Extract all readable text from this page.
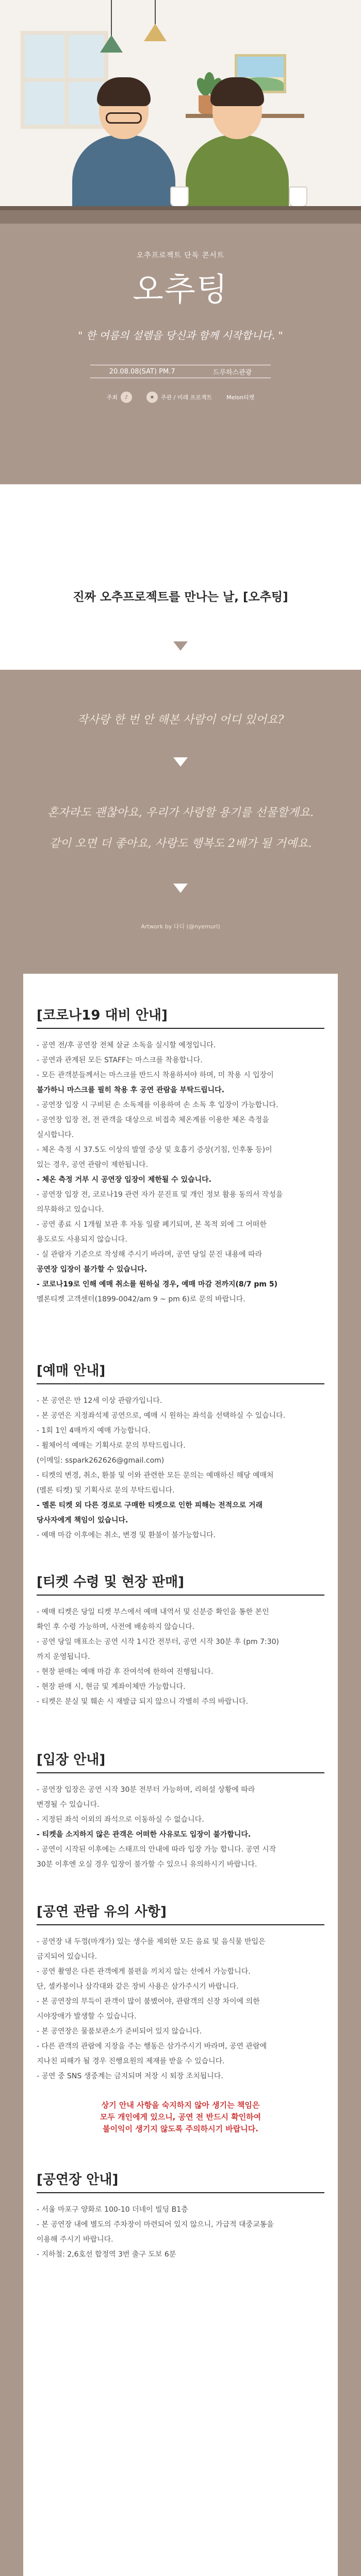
오추프로젝트 단독 콘서트
오추팅
" 한 여름의 설렘을 당신과 함께 시작합니다. "
20.08.08(SAT) PM.7	드루하스관광
주최	♪	★	주관 / 미래 프로젝트	Melon티켓
진짜 오추프로젝트를 만나는 날, [오추팅]
작사랑 한 번 안 해본 사람이 어디 있어요?
혼자라도 괜찮아요, 우리가 사랑할 용기를 선물할게요.
같이 오면 더 좋아요, 사랑도 행복도 2배가 될 거예요.
Artwork by 다디 (@nyemurl)
[코로나19 대비 안내]
- 공연 전/후 공연장 전체 살균 소독을 실시할 예정입니다.
- 공연과 관계된 모든 STAFF는 마스크를 착용합니다.
- 모든 관객분들께서는 마스크를 반드시 착용하셔야 하며, 미 착용 시 입장이
불가하니 마스크를 필히 착용 후 공연 관람을 부탁드립니다.
- 공연장 입장 시 구비된 손 소독제를 이용하여 손 소독 후 입장이 가능합니다.
- 공연장 입장 전, 전 관객을 대상으로 비접촉 체온계를 이용한 체온 측정을
실시합니다.
- 체온 측정 시 37.5도 이상의 발열 증상 및 호흡기 증상(기침, 인후통 등)이
있는 경우, 공연 관람이 제한됩니다.
- 체온 측정 거부 시 공연장 입장이 제한될 수 있습니다.
- 공연장 입장 전, 코로나19 관련 자가 문진표 및 개인 정보 활용 동의서 작성을
의무화하고 있습니다.
- 공연 종료 시 1개월 보관 후 자동 일괄 폐기되며, 본 목적 외에 그 어떠한
용도로도 사용되지 않습니다.
- 실 관람자 기준으로 작성해 주시기 바라며, 공연 당일 문진 내용에 따라
공연장 입장이 불가할 수 있습니다.
- 코로나19로 인해 예매 취소를 원하실 경우, 예매 마감 전까지(8/7 pm 5)
멜론티켓 고객센터(1899-0042/am 9 ~ pm 6)로 문의 바랍니다.
[예매 안내]
- 본 공연은 만 12세 이상 관람가입니다.
- 본 공연은 지정좌석제 공연으로, 예매 시 원하는 좌석을 선택하실 수 있습니다.
- 1회 1인 4매까지 예매 가능합니다.
- 휠체어석 예매는 기획사로 문의 부탁드립니다.
(이메일: sspark262626@gmail.com)
- 티켓의 변경, 취소, 환불 및 이와 관련한 모든 문의는 예매하신 해당 예매처
(멜론 티켓) 및 기획사로 문의 부탁드립니다.
- 멜론 티켓 외 다른 경로로 구매한 티켓으로 인한 피해는 전적으로 거래
당사자에게 책임이 있습니다.
- 예매 마감 이후에는 취소, 변경 및 환불이 불가능합니다.
[티켓 수령 및 현장 판매]
- 예매 티켓은 당일 티켓 부스에서 예매 내역서 및 신분증 확인을 통한 본인
확인 후 수령 가능하며, 사전에 배송하지 않습니다.
- 공연 당일 매표소는 공연 시작 1시간 전부터, 공연 시작 30분 후 (pm 7:30)
까지 운영됩니다.
- 현장 판매는 예매 마감 후 잔여석에 한하여 진행됩니다.
- 현장 판매 시, 현금 및 계좌이체만 가능합니다.
- 티켓은 분실 및 훼손 시 재발급 되지 않으니 각별히 주의 바랍니다.
[입장 안내]
- 공연장 입장은 공연 시작 30분 전부터 가능하며, 리허설 상황에 따라
변경될 수 있습니다.
- 지정된 좌석 이외의 좌석으로 이동하실 수 없습니다.
- 티켓을 소지하지 않은 관객은 어떠한 사유로도 입장이 불가합니다.
- 공연이 시작된 이후에는 스태프의 안내에 따라 입장 가능 합니다. 공연 시작
30분 이후엔 오실 경우 입장이 불가할 수 있으니 유의하시기 바랍니다.
[공연 관람 유의 사항]
- 공연장 내 두껑(마개가) 있는 생수를 제외한 모든 음료 및 음식물 반입은
금지되어 있습니다.
- 공연 촬영은 다른 관객에게 불편을 끼치지 않는 선에서 가능합니다.
단, 셀카봉이나 삼각대와 같은 장비 사용은 삼가주시기 바랍니다.
- 본 공연장의 부득이 관객이 많이 붐볐어야, 관람객의 신장 차이에 의한
시야장애가 발생할 수 있습니다.
- 본 공연장은 물품보관소가 준비되어 있지 않습니다.
- 다른 관객의 관람에 지장을 주는 행동은 삼가주시기 바라며, 공연 관람에
지나친 피해가 될 경우 진행요원의 제재를 받을 수 있습니다.
- 공연 중 SNS 생중계는 금지되며 저장 시 퇴장 조치됩니다.
상기 안내 사항을 숙지하지 않아 생기는 책임은
모두 개인에게 있으니, 공연 전 반드시 확인하여
불이익이 생기지 않도록 주의하시기 바랍니다.
[공연장 안내]
- 서울 마포구 양화로 100-10 더네이 빌딩 B1층
- 본 공연장 내에 별도의 주차장이 마련되어 있지 않으니, 가급적 대중교통을
이용해 주시기 바랍니다.
- 지하철: 2,6호선 합정역 3번 출구 도보 6분
